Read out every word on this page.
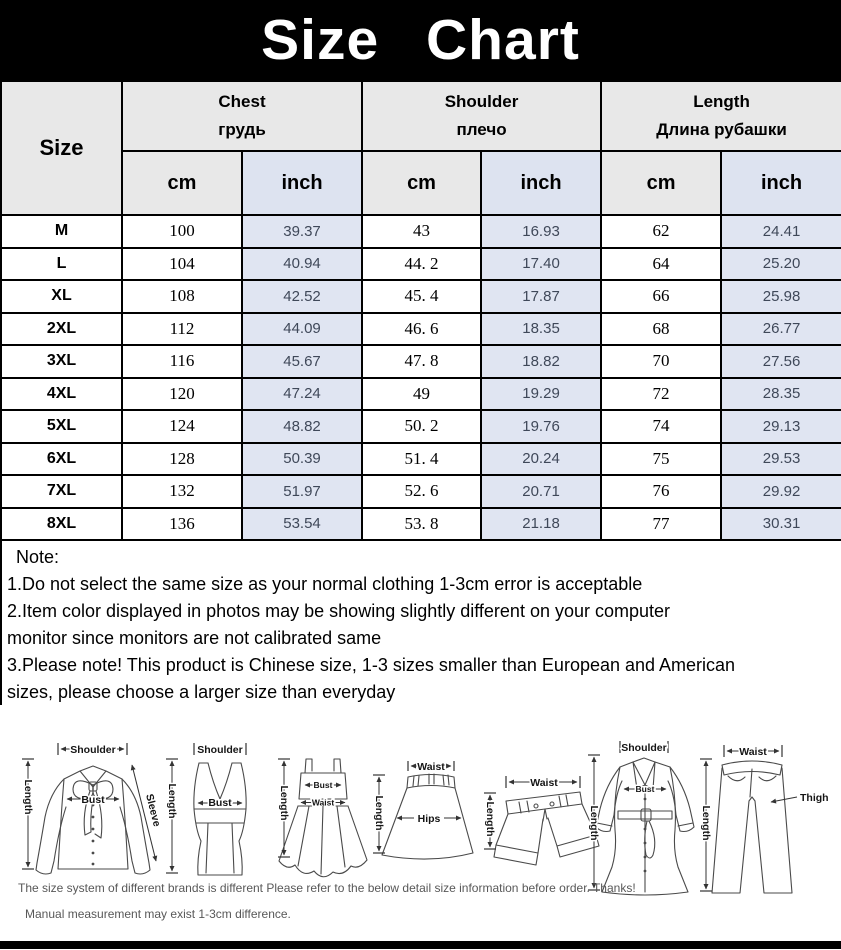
Size Chart
Size	
Chest
грудь

Shoulder
плечо

Length
Длина рубашки

	cm	inch	cm	inch	cm	inch
M	100	39.37	43	16.93	62	24.41
L	104	40.94	44. 2	17.40	64	25.20
XL	108	42.52	45. 4	17.87	66	25.98
2XL	112	44.09	46. 6	18.35	68	26.77
3XL	116	45.67	47. 8	18.82	70	27.56
4XL	120	47.24	49	19.29	72	28.35
5XL	124	48.82	50. 2	19.76	74	29.13
6XL	128	50.39	51. 4	20.24	75	29.53
7XL	132	51.97	52. 6	20.71	76	29.92
8XL	136	53.54	53. 8	21.18	77	30.31
Note:
1.Do not select the same size as your normal clothing 1-3cm error is acceptable
2.Item color displayed in photos may be showing slightly different on your computer
monitor since monitors are not calibrated same
3.Please note! This product is Chinese size, 1-3 sizes smaller than European and American
sizes, please choose a larger size than everyday
Shoulder
Length	Bust	Sleeve
Shoulder
Length	Bust
Bust
Waist
Length
Waist
Hips
Length
Waist
Length
Shoulder
Bust
Length
Waist
Thigh
Length
The size system of different brands is different Please refer to the below detail size information before order. Thanks!
Manual measurement may exist 1-3cm difference.
